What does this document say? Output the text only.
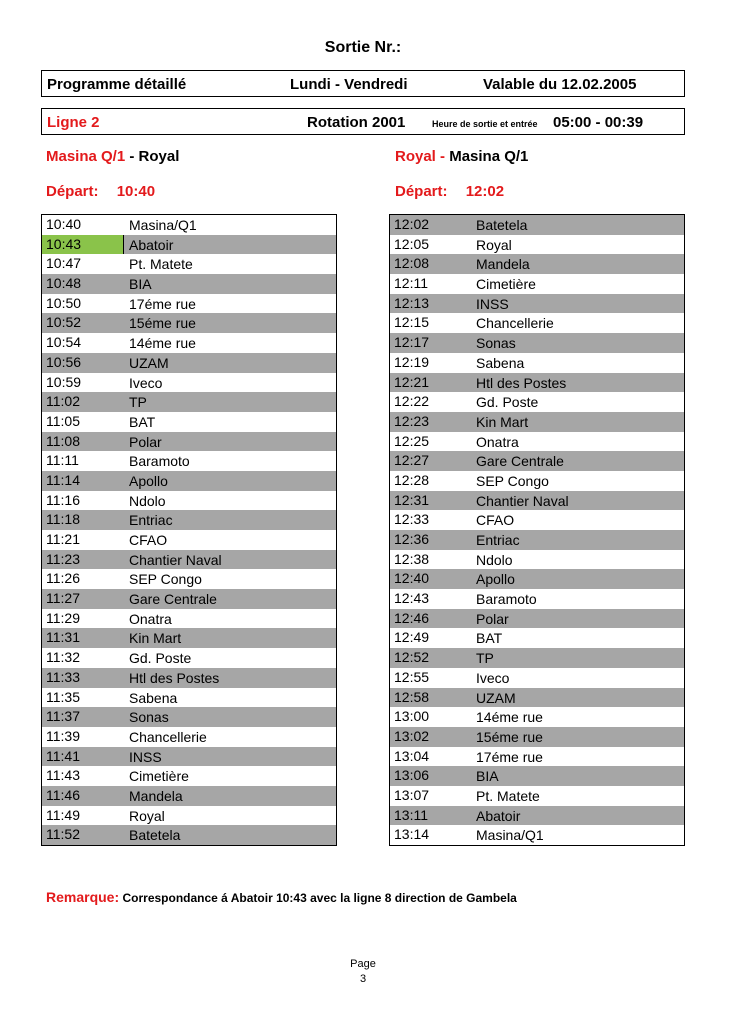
Sortie Nr.:
Programme détaillé	Lundi - Vendredi	Valable du 12.02.2005
Ligne 2	Rotation 2001	Heure de sortie et entrée 05:00 - 00:39
Masina Q/1 - Royal
Départ: 10:40
Royal - Masina Q/1
Départ: 12:02
10:40	Masina/Q1
10:43	Abatoir
10:47	Pt. Matete
10:48	BIA
10:50	17éme rue
10:52	15éme rue
10:54	14éme rue
10:56	UZAM
10:59	Iveco
11:02	TP
11:05	BAT
11:08	Polar
11:11	Baramoto
11:14	Apollo
11:16	Ndolo
11:18	Entriac
11:21	CFAO
11:23	Chantier Naval
11:26	SEP Congo
11:27	Gare Centrale
11:29	Onatra
11:31	Kin Mart
11:32	Gd. Poste
11:33	Htl des Postes
11:35	Sabena
11:37	Sonas
11:39	Chancellerie
11:41	INSS
11:43	Cimetière
11:46	Mandela
11:49	Royal
11:52	Batetela
12:02	Batetela
12:05	Royal
12:08	Mandela
12:11	Cimetière
12:13	INSS
12:15	Chancellerie
12:17	Sonas
12:19	Sabena
12:21	Htl des Postes
12:22	Gd. Poste
12:23	Kin Mart
12:25	Onatra
12:27	Gare Centrale
12:28	SEP Congo
12:31	Chantier Naval
12:33	CFAO
12:36	Entriac
12:38	Ndolo
12:40	Apollo
12:43	Baramoto
12:46	Polar
12:49	BAT
12:52	TP
12:55	Iveco
12:58	UZAM
13:00	14éme rue
13:02	15éme rue
13:04	17éme rue
13:06	BIA
13:07	Pt. Matete
13:11	Abatoir
13:14	Masina/Q1
Remarque: Correspondance á Abatoir 10:43 avec la ligne 8 direction de Gambela
Page
3
